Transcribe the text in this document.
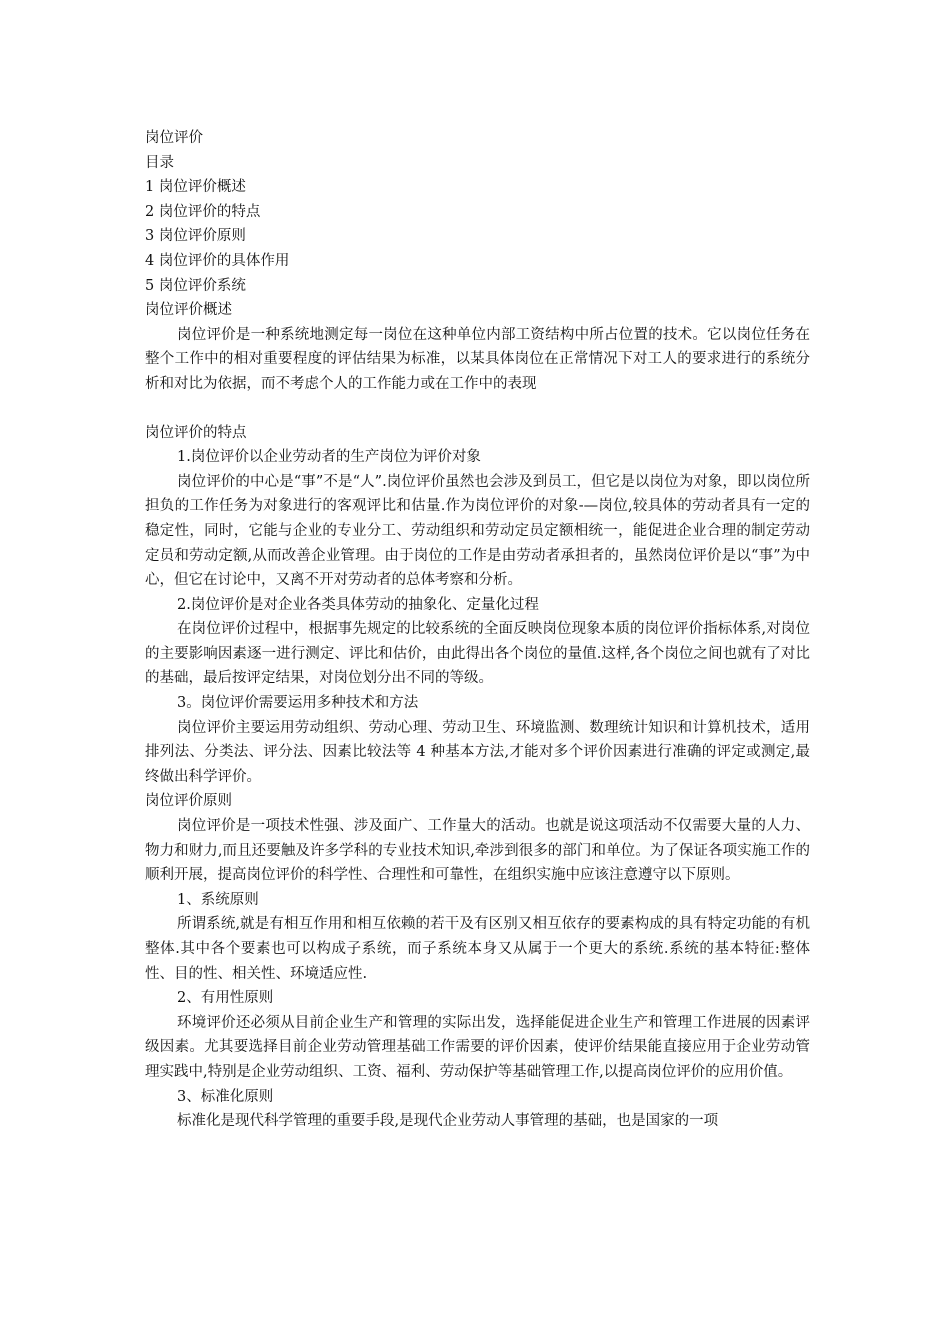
岗位评价
目录
1 岗位评价概述
2 岗位评价的特点
3 岗位评价原则
4 岗位评价的具体作用
5 岗位评价系统
岗位评价概述
岗位评价是一种系统地测定每一岗位在这种单位内部工资结构中所占位置的技术。它以岗位任务在整个工作中的相对重要程度的评估结果为标准，以某具体岗位在正常情况下对工人的要求进行的系统分析和对比为依据，而不考虑个人的工作能力或在工作中的表现
岗位评价的特点
1.岗位评价以企业劳动者的生产岗位为评价对象
岗位评价的中心是“事”不是“人”.岗位评价虽然也会涉及到员工，但它是以岗位为对象，即以岗位所担负的工作任务为对象进行的客观评比和估量.作为岗位评价的对象-—岗位,较具体的劳动者具有一定的稳定性，同时，它能与企业的专业分工、劳动组织和劳动定员定额相统一，能促进企业合理的制定劳动定员和劳动定额,从而改善企业管理。由于岗位的工作是由劳动者承担者的，虽然岗位评价是以“事”为中心，但它在讨论中，又离不开对劳动者的总体考察和分析。
2.岗位评价是对企业各类具体劳动的抽象化、定量化过程
在岗位评价过程中，根据事先规定的比较系统的全面反映岗位现象本质的岗位评价指标体系,对岗位的主要影响因素逐一进行测定、评比和估价，由此得出各个岗位的量值.这样,各个岗位之间也就有了对比的基础，最后按评定结果，对岗位划分出不同的等级。
3。岗位评价需要运用多种技术和方法
岗位评价主要运用劳动组织、劳动心理、劳动卫生、环境监测、数理统计知识和计算机技术，适用排列法、分类法、评分法、因素比较法等 4 种基本方法,才能对多个评价因素进行准确的评定或测定,最终做出科学评价。
岗位评价原则
岗位评价是一项技术性强、涉及面广、工作量大的活动。也就是说这项活动不仅需要大量的人力、物力和财力,而且还要触及许多学科的专业技术知识,牵涉到很多的部门和单位。为了保证各项实施工作的顺利开展，提高岗位评价的科学性、合理性和可靠性，在组织实施中应该注意遵守以下原则。
1、系统原则
所谓系统,就是有相互作用和相互依赖的若干及有区别又相互依存的要素构成的具有特定功能的有机整体.其中各个要素也可以构成子系统，而子系统本身又从属于一个更大的系统.系统的基本特征:整体性、目的性、相关性、环境适应性.
2、有用性原则
环境评价还必须从目前企业生产和管理的实际出发，选择能促进企业生产和管理工作进展的因素评级因素。尤其要选择目前企业劳动管理基础工作需要的评价因素，使评价结果能直接应用于企业劳动管理实践中,特别是企业劳动组织、工资、福利、劳动保护等基础管理工作,以提高岗位评价的应用价值。
3、标准化原则
标准化是现代科学管理的重要手段,是现代企业劳动人事管理的基础，也是国家的一项
